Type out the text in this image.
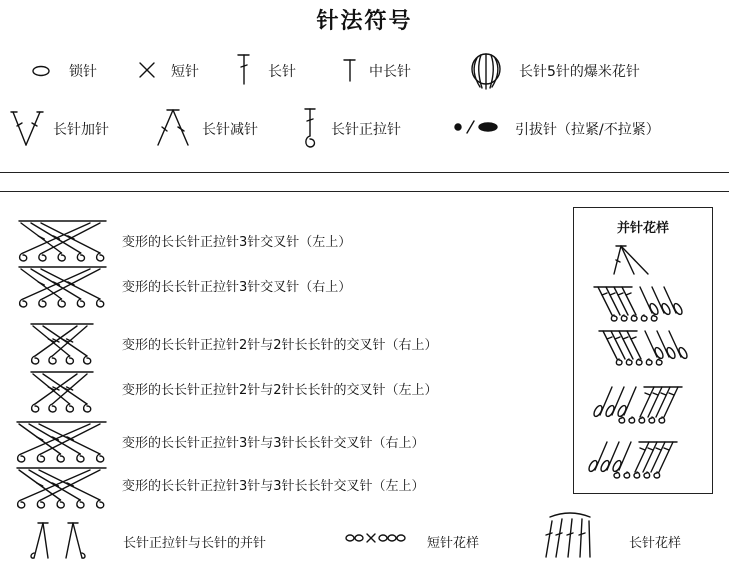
针法符号
锁针	短针	长针	中长针	长针5针的爆米花针
长针加针	长针减针	长针正拉针	引拔针（拉紧/不拉紧）
变形的长长针正拉针3针交叉针（左上）
变形的长长针正拉针3针交叉针（右上）
变形的长长针正拉针2针与2针长长针的交叉针（右上）
变形的长长针正拉针2针与2针长长针的交叉针（左上）
变形的长长针正拉针3针与3针长长针交叉针（右上）
变形的长长针正拉针3针与3针长长针交叉针（左上）
并针花样
长针正拉针与长针的并针	短针花样	长针花样
